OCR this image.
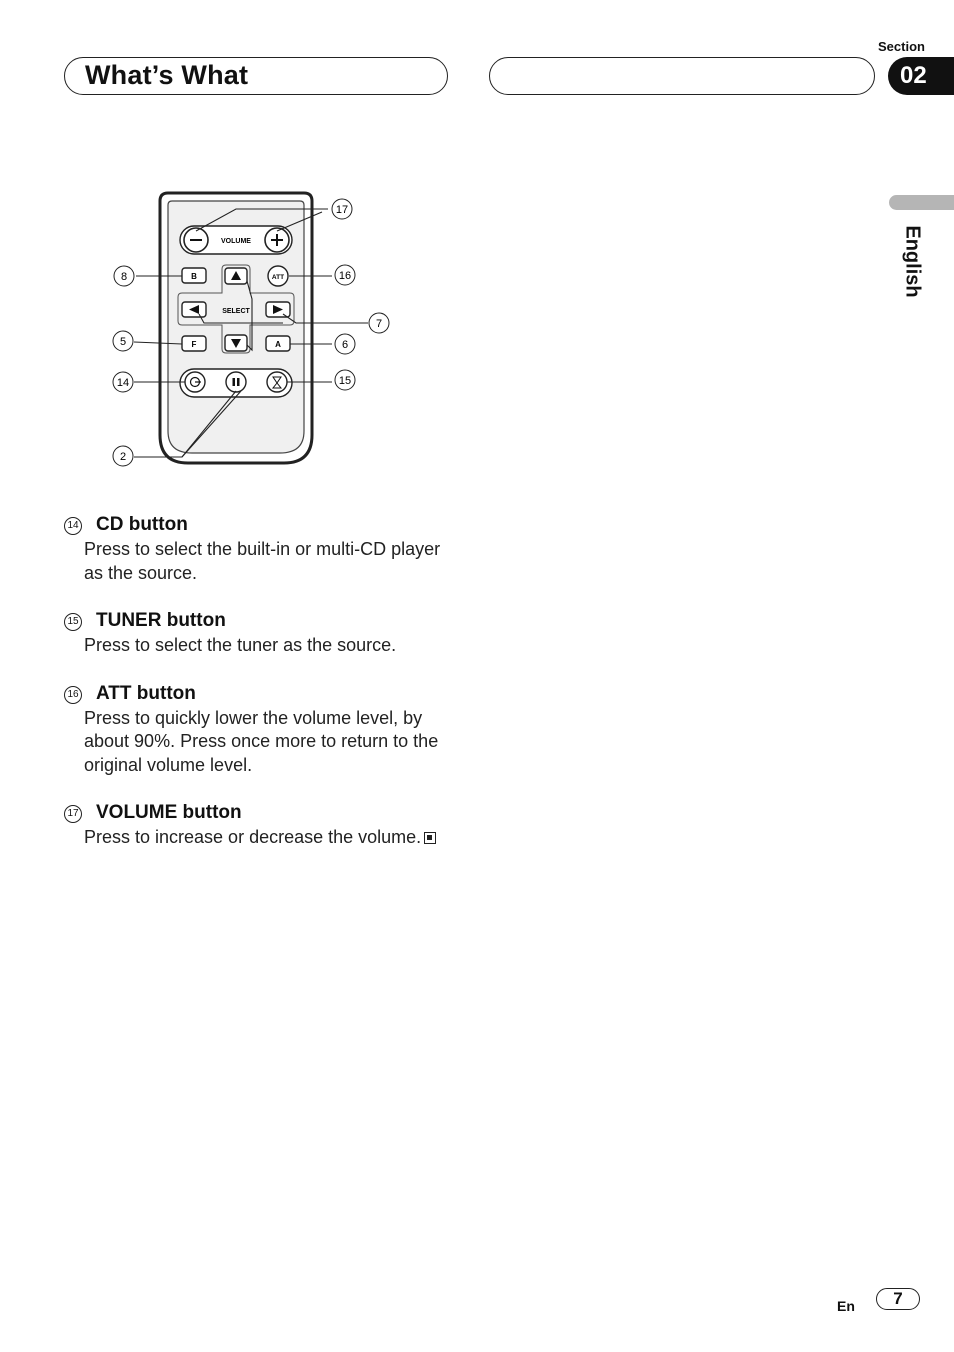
What’s What
Section
02
English
VOLUME
B	ATT
SELECT
F	A
17
8	16
7
5	6
14	15
2
14 CD button
Press to select the built-in or multi-CD player as the source.
15 TUNER button
Press to select the tuner as the source.
16 ATT button
Press to quickly lower the volume level, by about 90%. Press once more to return to the original volume level.
17 VOLUME button
Press to increase or decrease the volume.
En	7
